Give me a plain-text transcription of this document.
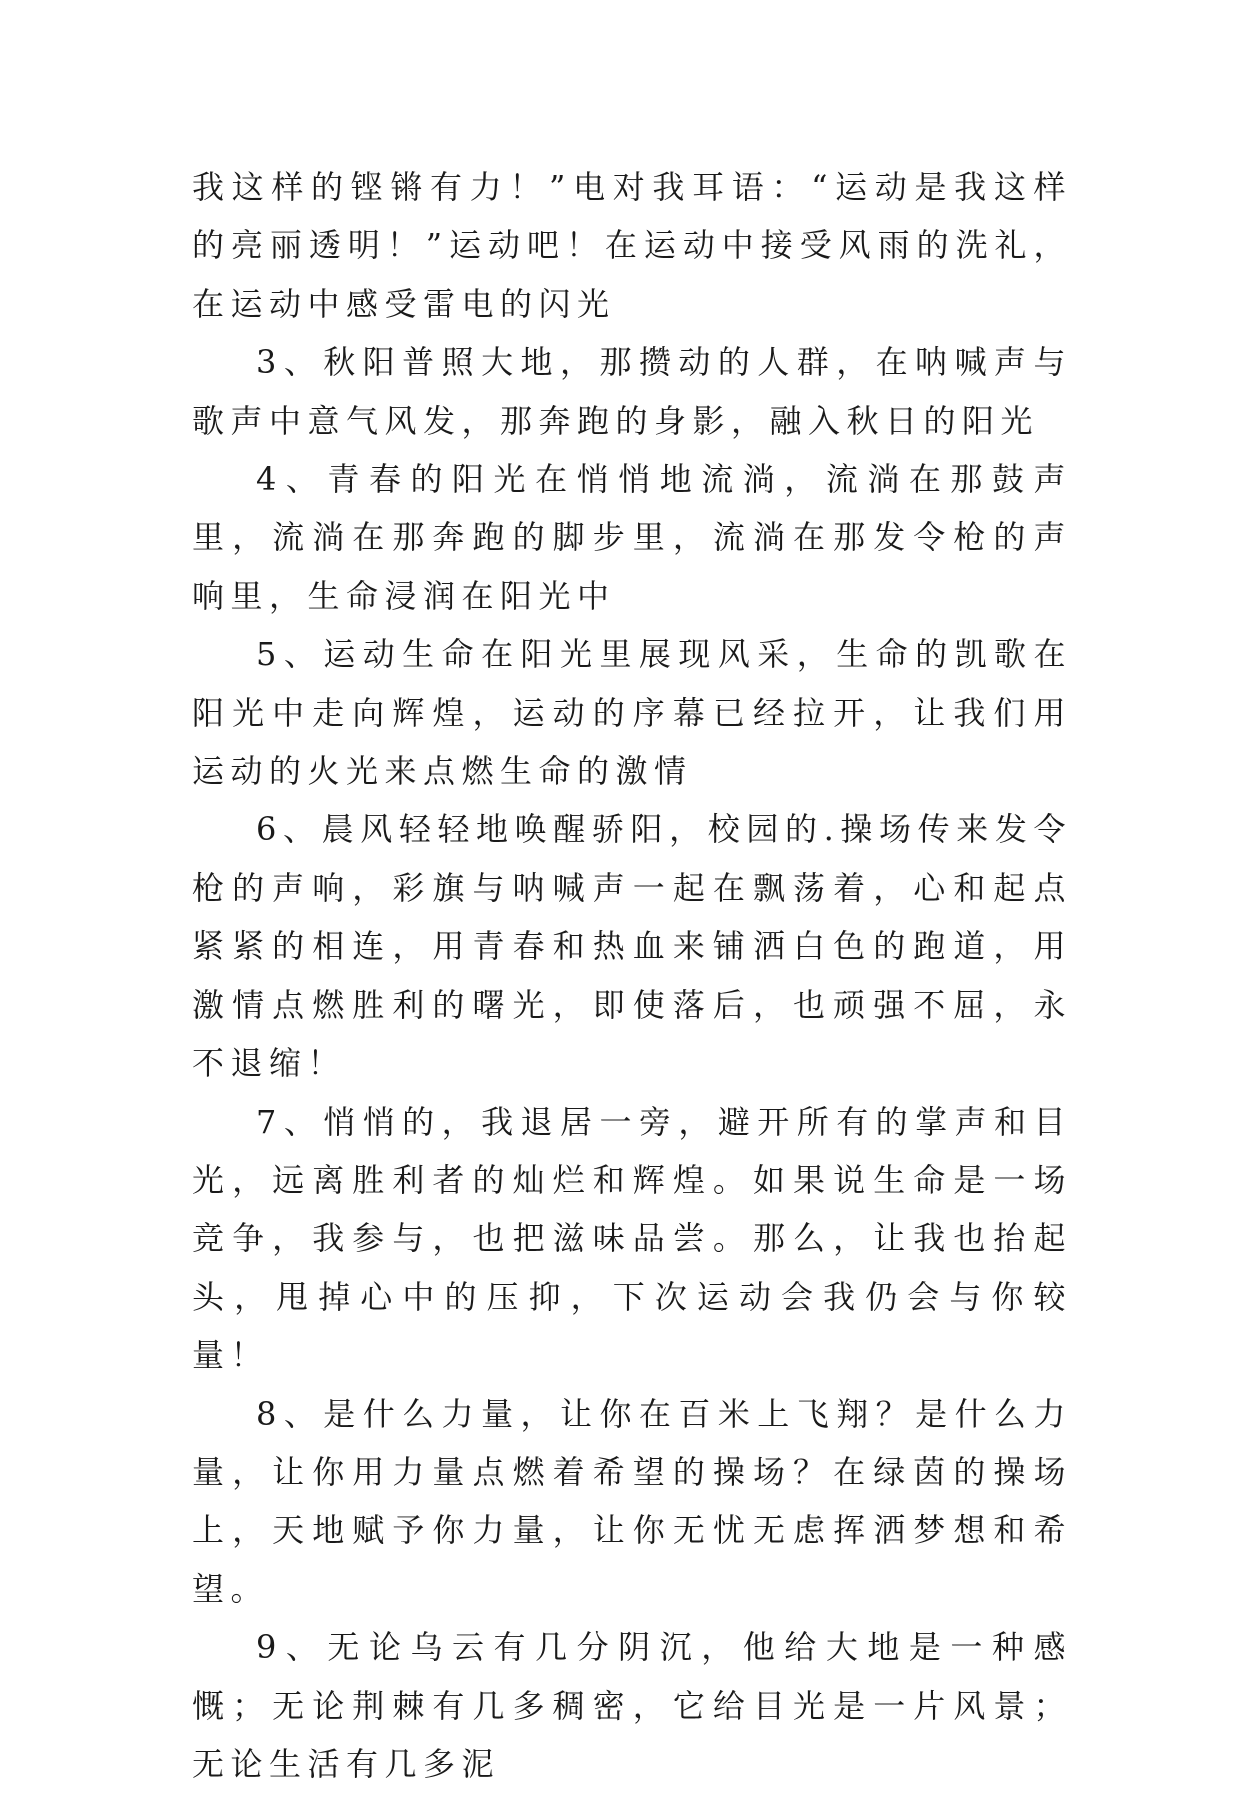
我这样的铿锵有力！”电对我耳语：“运动是我这样的亮丽透明！”运动吧！在运动中接受风雨的洗礼，在运动中感受雷电的闪光

3、秋阳普照大地，那攒动的人群，在呐喊声与歌声中意气风发，那奔跑的身影，融入秋日的阳光

4、青春的阳光在悄悄地流淌，流淌在那鼓声里，流淌在那奔跑的脚步里，流淌在那发令枪的声响里，生命浸润在阳光中

5、运动生命在阳光里展现风采，生命的凯歌在阳光中走向辉煌，运动的序幕已经拉开，让我们用运动的火光来点燃生命的激情

6、晨风轻轻地唤醒骄阳，校园的.操场传来发令枪的声响，彩旗与呐喊声一起在飘荡着，心和起点紧紧的相连，用青春和热血来铺洒白色的跑道，用激情点燃胜利的曙光，即使落后，也顽强不屈，永不退缩！

7、悄悄的，我退居一旁，避开所有的掌声和目光，远离胜利者的灿烂和辉煌。如果说生命是一场竞争，我参与，也把滋味品尝。那么，让我也抬起头，甩掉心中的压抑，下次运动会我仍会与你较量！

8、是什么力量，让你在百米上飞翔？是什么力量，让你用力量点燃着希望的操场？在绿茵的操场上，天地赋予你力量，让你无忧无虑挥洒梦想和希望。

9、无论乌云有几分阴沉，他给大地是一种感慨；无论荆棘有几多稠密，它给目光是一片风景；无论生活有几多泥
